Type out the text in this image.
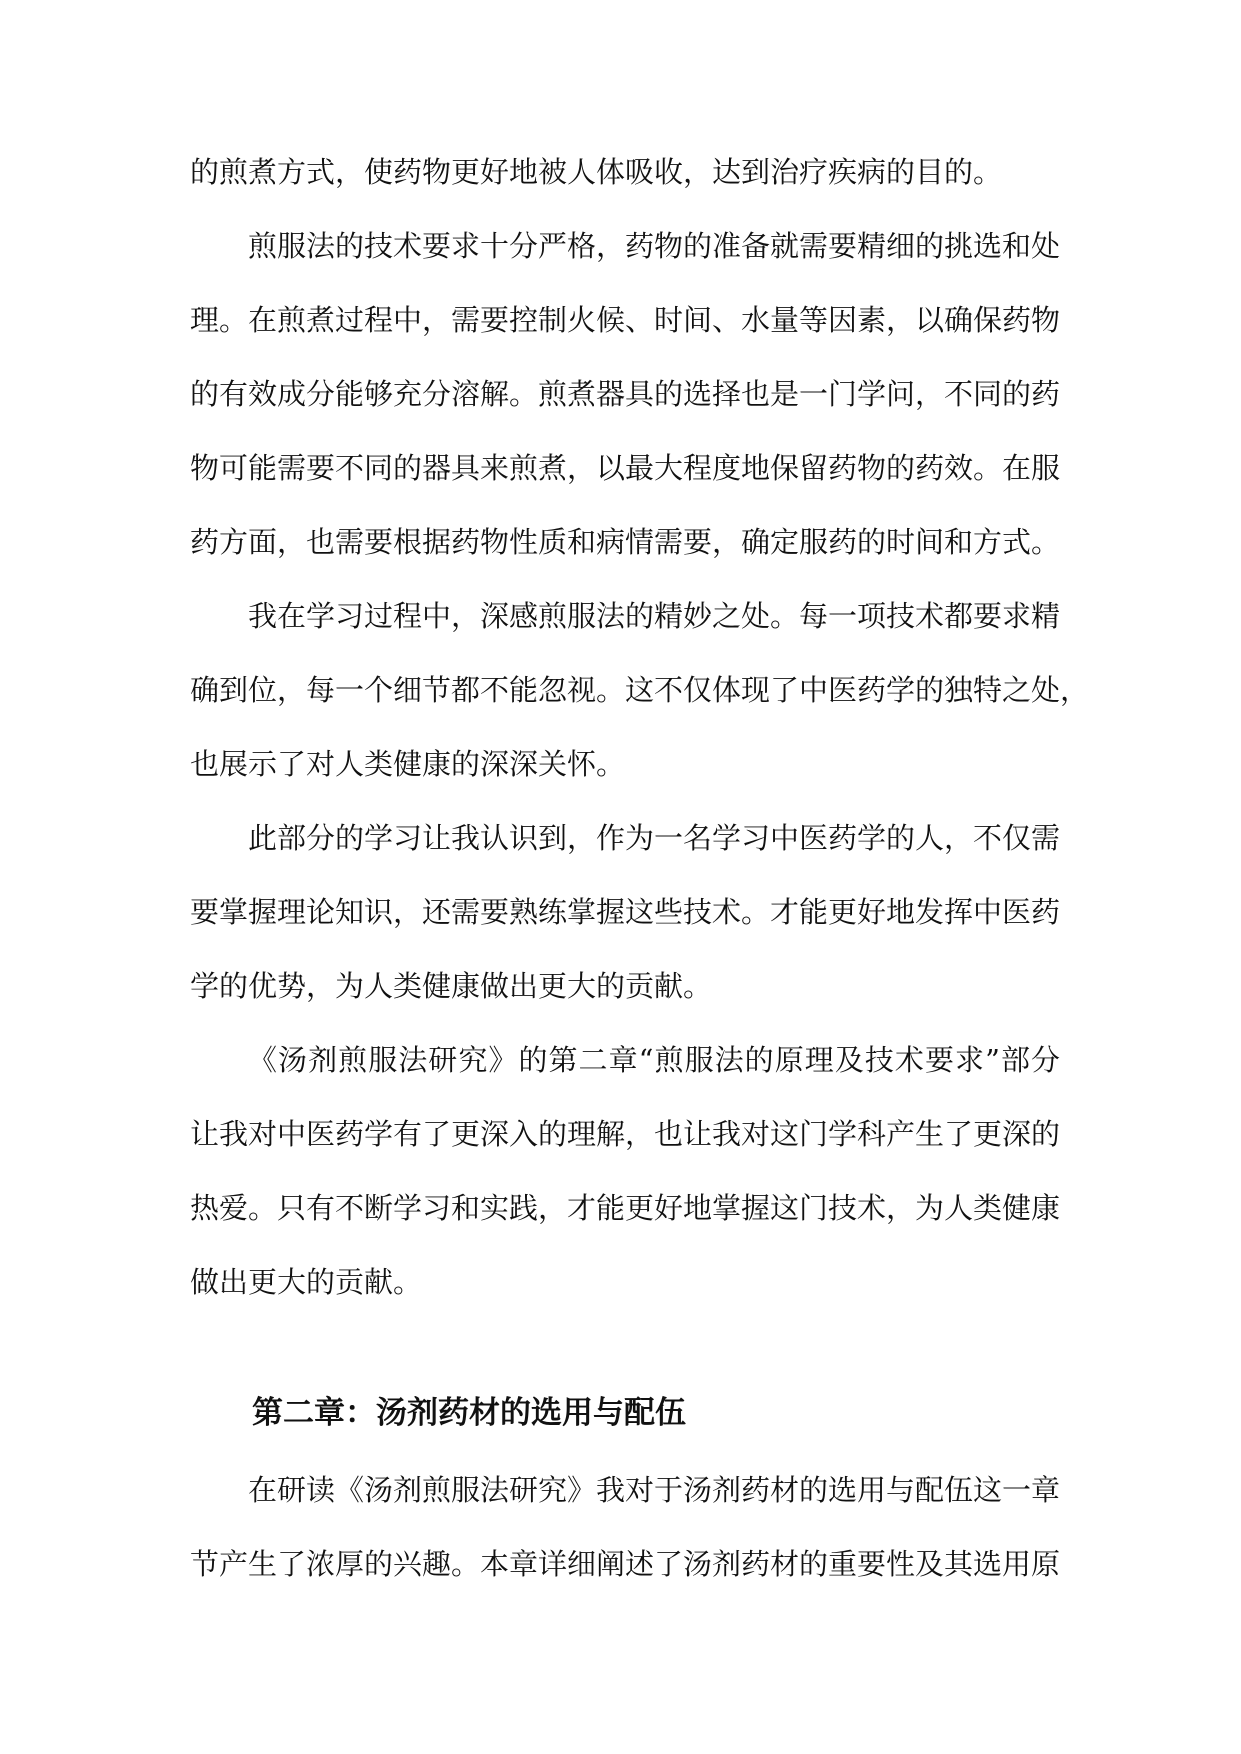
的煎煮方式，使药物更好地被人体吸收，达到治疗疾病的目的。

煎服法的技术要求十分严格，药物的准备就需要精细的挑选和处

理。在煎煮过程中，需要控制火候、时间、水量等因素，以确保药物

的有效成分能够充分溶解。煎煮器具的选择也是一门学问，不同的药

物可能需要不同的器具来煎煮，以最大程度地保留药物的药效。在服

药方面，也需要根据药物性质和病情需要，确定服药的时间和方式。

我在学习过程中，深感煎服法的精妙之处。每一项技术都要求精

确到位，每一个细节都不能忽视。这不仅体现了中医药学的独特之处，

也展示了对人类健康的深深关怀。

此部分的学习让我认识到，作为一名学习中医药学的人，不仅需

要掌握理论知识，还需要熟练掌握这些技术。才能更好地发挥中医药

学的优势，为人类健康做出更大的贡献。

《汤剂煎服法研究》的第二章“煎服法的原理及技术要求”部分

让我对中医药学有了更深入的理解，也让我对这门学科产生了更深的

热爱。只有不断学习和实践，才能更好地掌握这门技术，为人类健康

做出更大的贡献。

第二章：汤剂药材的选用与配伍

在研读《汤剂煎服法研究》我对于汤剂药材的选用与配伍这一章

节产生了浓厚的兴趣。本章详细阐述了汤剂药材的重要性及其选用原
